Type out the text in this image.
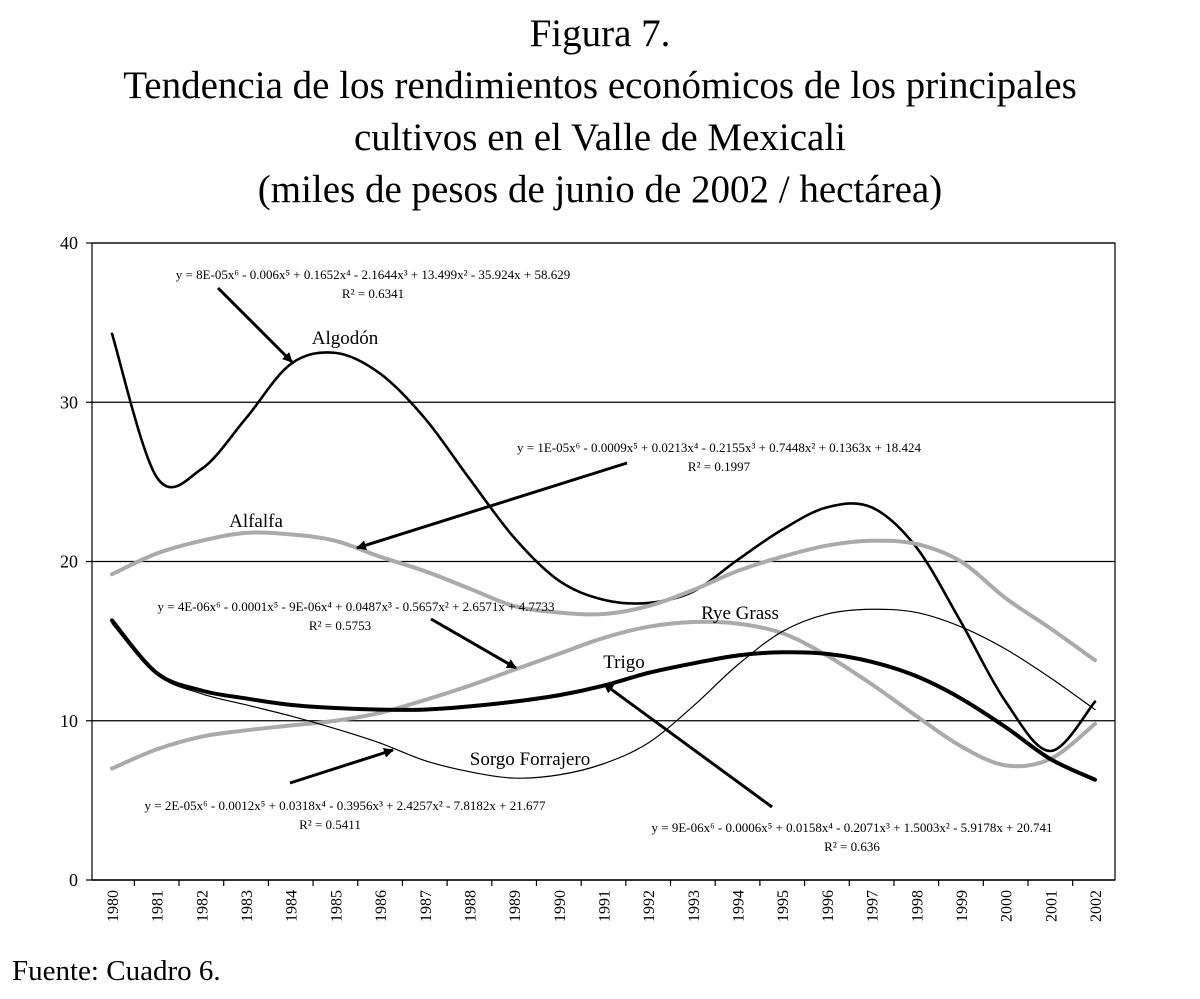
Figura 7.
Tendencia de los rendimientos económicos de los principales
cultivos en el Valle de Mexicali
(miles de pesos de junio de 2002 / hectárea)
0
10
20
30
40
1980 1981 1982 1983 1984 1985 1986 1987 1988 1989 1990 1991 1992 1993 1994 1995 1996 1997 1998 1999 2000 2001 2002
Algodón
Alfalfa
Rye Grass
Trigo
Sorgo Forrajero
y = 8E-05x⁶ - 0.006x⁵ + 0.1652x⁴ - 2.1644x³ + 13.499x² - 35.924x + 58.629
R² = 0.6341
y = 1E-05x⁶ - 0.0009x⁵ + 0.0213x⁴ - 0.2155x³ + 0.7448x² + 0.1363x + 18.424
R² = 0.1997
y = 4E-06x⁶ - 0.0001x⁵ - 9E-06x⁴ + 0.0487x³ - 0.5657x² + 2.6571x + 4.7733
R² = 0.5753
y = 2E-05x⁶ - 0.0012x⁵ + 0.0318x⁴ - 0.3956x³ + 2.4257x² - 7.8182x + 21.677
R² = 0.5411	y = 9E-06x⁶ - 0.0006x⁵ + 0.0158x⁴ - 0.2071x³ + 1.5003x² - 5.9178x + 20.741
R² = 0.636
Fuente: Cuadro 6.
